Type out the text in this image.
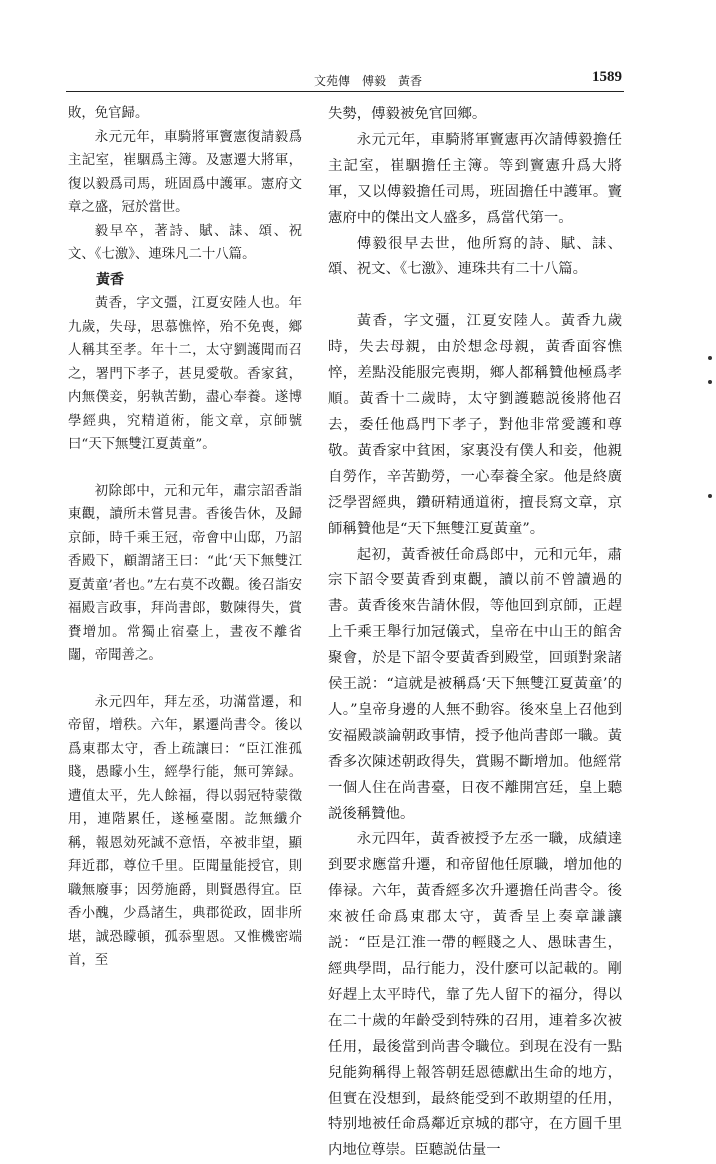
文苑傳　傅毅　黃香	1589

敗，免官歸。

永元元年，車騎將軍竇憲復請毅爲主記室，崔駰爲主簿。及憲遷大將軍，復以毅爲司馬，班固爲中護軍。憲府文章之盛，冠於當世。

毅早卒，著詩、賦、誄、頌、祝文、《七激》、連珠凡二十八篇。

黃香

黃香，字文彊，江夏安陸人也。年九歲，失母，思慕憔悴，殆不免喪，鄉人稱其至孝。年十二，太守劉護聞而召之，署門下孝子，甚見愛敬。香家貧，内無僕妾，躬執苦勤，盡心奉養。遂博學經典，究精道術，能文章，京師號曰“天下無雙江夏黃童”。

初除郎中，元和元年，肅宗詔香詣東觀，讀所未嘗見書。香後告休，及歸京師，時千乘王冠，帝會中山邸，乃詔香殿下，顧謂諸王曰：“此‘天下無雙江夏黃童’者也。”左右莫不改觀。後召詣安福殿言政事，拜尚書郎，數陳得失，賞賚增加。常獨止宿臺上，晝夜不離省闥，帝聞善之。

永元四年，拜左丞，功滿當遷，和帝留，增秩。六年，累遷尚書令。後以爲東郡太守，香上疏讓曰：“臣江淮孤賤，愚矇小生，經學行能，無可筭録。遭值太平，先人餘福，得以弱冠特蒙徵用，連階累任，遂極臺閣。訖無纖介稱，報恩効死誠不意悟，卒被非望，顯拜近郡，尊位千里。臣聞量能授官，則職無廢事；因勞施爵，則賢愚得宜。臣香小醜，少爲諸生，典郡從政，固非所堪，誠恐矇頓，孤忝聖恩。又惟機密端首，至

失勢，傅毅被免官回鄉。

永元元年，車騎將軍竇憲再次請傅毅擔任主記室，崔駰擔任主簿。等到竇憲升爲大將軍，又以傅毅擔任司馬，班固擔任中護軍。竇憲府中的傑出文人盛多，爲當代第一。

傅毅很早去世，他所寫的詩、賦、誄、頌、祝文、《七激》、連珠共有二十八篇。

黃香，字文彊，江夏安陸人。黃香九歲時，失去母親，由於想念母親，黃香面容憔悴，差點没能服完喪期，鄉人都稱贊他極爲孝順。黃香十二歲時，太守劉護聽説後將他召去，委任他爲門下孝子，對他非常愛護和尊敬。黃香家中貧困，家裏没有僕人和妾，他親自勞作，辛苦勤勞，一心奉養全家。他是終廣泛學習經典，鑽研精通道術，擅長寫文章，京師稱贊他是“天下無雙江夏黃童”。

起初，黃香被任命爲郎中，元和元年，肅宗下詔令要黃香到東觀，讀以前不曾讀過的書。黃香後來告請休假，等他回到京師，正趕上千乘王舉行加冠儀式，皇帝在中山王的館舍聚會，於是下詔令要黃香到殿堂，回頭對衆諸侯王説：“這就是被稱爲‘天下無雙江夏黃童’的人。”皇帝身邊的人無不動容。後來皇上召他到安福殿談論朝政事情，授予他尚書郎一職。黃香多次陳述朝政得失，賞賜不斷增加。他經常一個人住在尚書臺，日夜不離開宫廷，皇上聽説後稱贊他。

永元四年，黃香被授予左丞一職，成績達到要求應當升遷，和帝留他任原職，增加他的俸禄。六年，黃香經多次升遷擔任尚書令。後來被任命爲東郡太守，黃香呈上奏章謙讓説：“臣是江淮一帶的輕賤之人、愚昧書生，經典學問，品行能力，没什麽可以記載的。剛好趕上太平時代，靠了先人留下的福分，得以在二十歲的年齡受到特殊的召用，連着多次被任用，最後當到尚書令職位。到現在没有一點兒能夠稱得上報答朝廷恩德獻出生命的地方，但實在没想到，最終能受到不敢期望的任用，特别地被任命爲鄰近京城的郡守，在方圓千里内地位尊崇。臣聽説估量一
